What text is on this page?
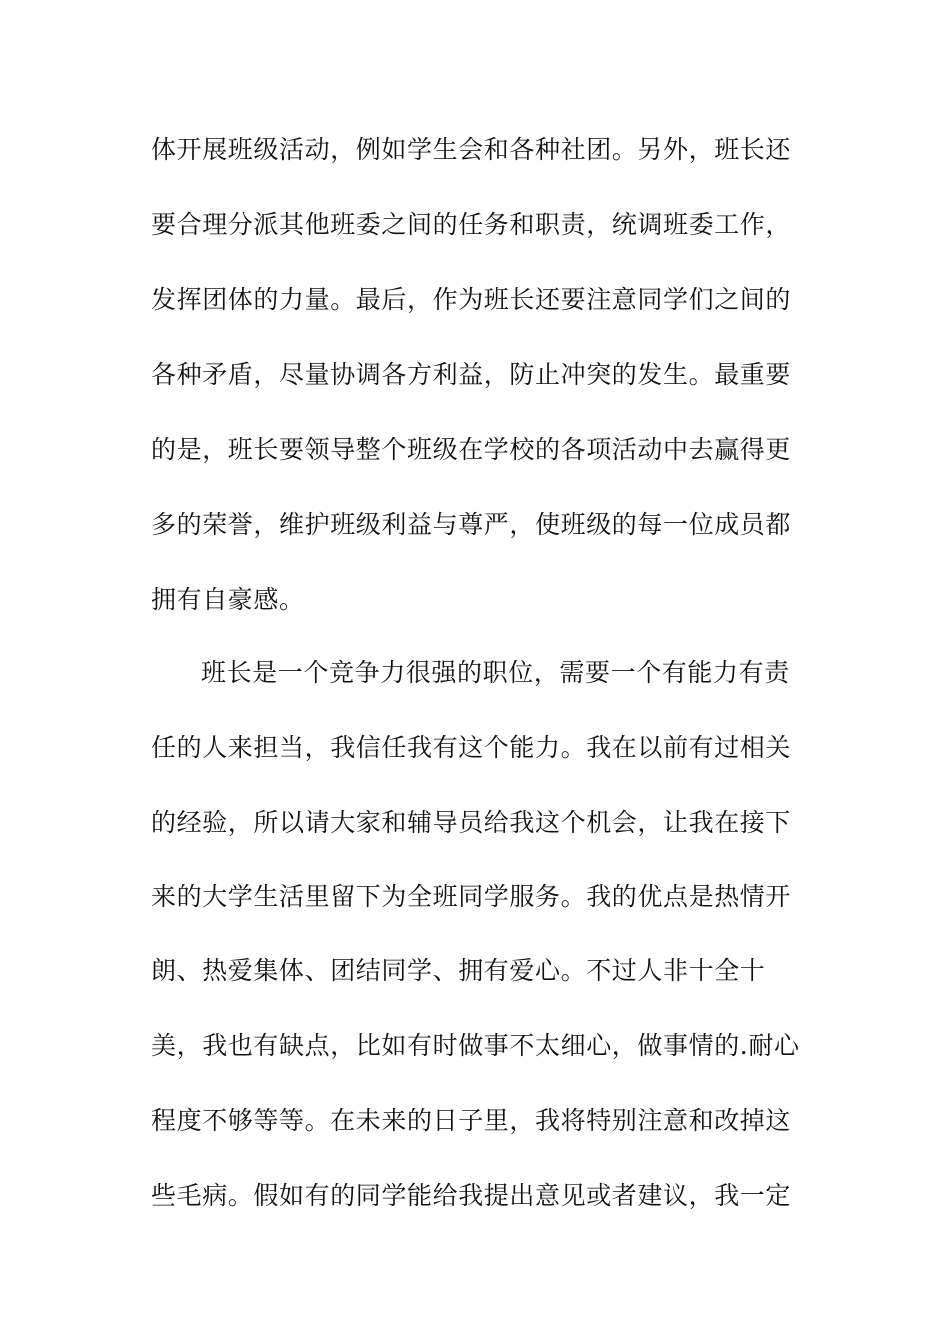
体开展班级活动，例如学生会和各种社团。另外，班长还
要合理分派其他班委之间的任务和职责，统调班委工作，
发挥团体的力量。最后，作为班长还要注意同学们之间的
各种矛盾，尽量协调各方利益，防止冲突的发生。最重要
的是，班长要领导整个班级在学校的各项活动中去赢得更
多的荣誉，维护班级利益与尊严，使班级的每一位成员都
拥有自豪感。
班长是一个竞争力很强的职位，需要一个有能力有责
任的人来担当，我信任我有这个能力。我在以前有过相关
的经验，所以请大家和辅导员给我这个机会，让我在接下
来的大学生活里留下为全班同学服务。我的优点是热情开
朗、热爱集体、团结同学、拥有爱心。不过人非十全十
美，我也有缺点，比如有时做事不太细心，做事情的.耐心
程度不够等等。在未来的日子里，我将特别注意和改掉这
些毛病。假如有的同学能给我提出意见或者建议，我一定
